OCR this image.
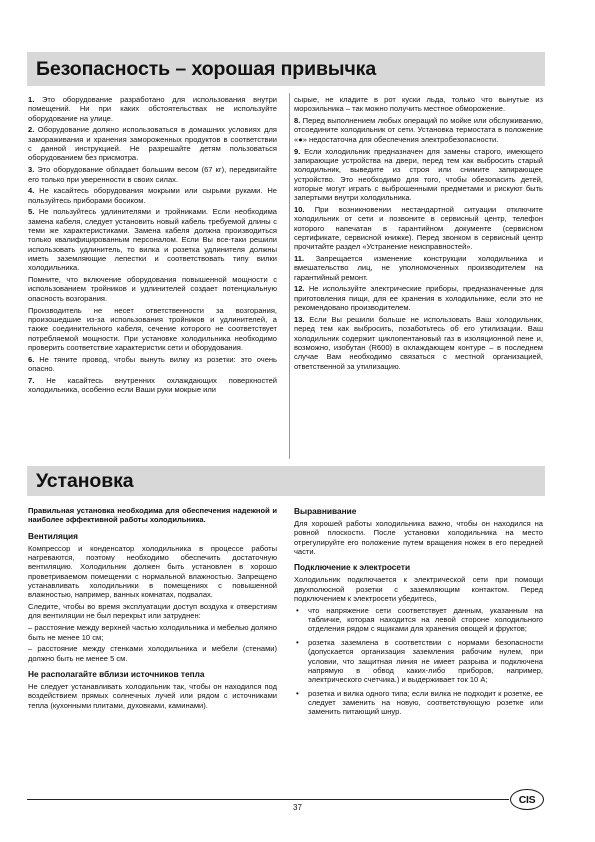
Безопасность – хорошая привычка

1. Это оборудование разработано для использования внутри помещений. Ни при каких обстоятельствах не используйте оборудование на улице.

2. Оборудование должно использоваться в домашних условиях для замораживания и хранения замороженных продуктов в соответствии с данной инструкцией. Не разрешайте детям пользоваться оборудованием без присмотра.

3. Это оборудование обладает большим весом (67 кг), передвигайте его только при уверенности в своих силах.

4. Не касайтесь оборудования мокрыми или сырыми руками. Не пользуйтесь приборами босиком.

5. Не пользуйтесь удлинителями и тройниками. Если необходима замена кабеля, следует установить новый кабель требуемой длины с теми же характеристиками. Замена кабеля должна производиться только квалифицированным персоналом. Если Вы все-таки решили использовать удлинитель, то вилка и розетка удлинителя должны иметь заземляющие лепестки и соответствовать типу вилки холодильника.

Помните, что включение оборудования повышенной мощности с использованием тройников и удлинителей создает потенциальную опасность возгорания.

Производитель не несет ответственности за возгорания, произошедшие из-за использования тройников и удлинителей, а также соединительного кабеля, сечение которого не соответствует потребляемой мощности. При установке холодильника необходимо проверить соответствие характеристик сети и оборудования.

6. Не тяните провод, чтобы вынуть вилку из розетки: это очень опасно.

7. Не касайтесь внутренних охлаждающих поверхностей холодильника, особенно если Ваши руки мокрые или

сырые, не кладите в рот куски льда, только что вынутые из морозильника – так можно получить местное обморожение.

8. Перед выполнением любых операций по мойке или обслуживанию, отсоедините холодильник от сети. Установка термостата в положение «●» недостаточна для обеспечения электробезопасности.

9. Если холодильник предназначен для замены старого, имеющего запирающие устройства на двери, перед тем как выбросить старый холодильник, выведите из строя или снимите запирающее устройство. Это необходимо для того, чтобы обезопасить детей, которые могут играть с выброшенными предметами и рискуют быть запертыми внутри холодильника.

10. При возникновении нестандартной ситуации отключите холодильник от сети и позвоните в сервисный центр, телефон которого напечатан в гарантийном документе (сервисном сертификате, сервисной книжке). Перед звонком в сервисный центр прочитайте раздел «Устранение неисправностей».

11. Запрещается изменение конструкции холодильника и вмешательство лиц, не уполномоченных производителем на гарантийный ремонт.

12. Не используйте электрические приборы, предназначенные для приготовления пищи, для ее хранения в холодильнике, если это не рекомендовано производителем.

13. Если Вы решили больше не использовать Ваш холодильник, перед тем как выбросить, позаботьтесь об его утилизации. Ваш холодильник содержит циклопентановый газ в изоляционной пене и, возможно, изобутан (R600) в охлаждающем контуре – в последнем случае Вам необходимо связаться с местной организацией, ответственной за утилизацию.

Установка

Правильная установка необходима для обеспечения надежной и наиболее эффективной работы холодильника.

Вентиляция

Компрессор и конденсатор холодильника в процессе работы нагреваются, поэтому необходимо обеспечить достаточную вентиляцию. Холодильник должен быть установлен в хорошо проветриваемом помещении с нормальной влажностью. Запрещено устанавливать холодильники в помещениях с повышенной влажностью, например, ванных комнатах, подвалах.

Следите, чтобы во время эксплуатации доступ воздуха к отверстиям для вентиляции не был перекрыт или затруднен:

– расстояние между верхней частью холодильника и мебелью должно быть не менее 10 см;

– расстояние между стенками холодильника и мебели (стенами) должно быть не менее 5 см.

Не располагайте вблизи источников тепла

Не следует устанавливать холодильник так, чтобы он находился под воздействием прямых солнечных лучей или рядом с источниками тепла (кухонными плитами, духовками, каминами).

Выравнивание

Для хорошей работы холодильника важно, чтобы он находился на ровной плоскости. После установки холодильника на место отрегулируйте его положение путем вращения ножек в его передней части.

Подключение к электросети

Холодильник подключается к электрической сети при помощи двухполюсной розетки с заземляющим контактом. Перед подключением к электросети убедитесь,

• что напряжение сети соответствует данным, указанным на табличке, которая находится на левой стороне холодильного отделения рядом с ящиками для хранения овощей и фруктов;
• розетка заземлена в соответствии с нормами безопасности (допускается организация заземления рабочим нулем, при условии, что защитная линия не имеет разрыва и подключена напрямую в обвод каких-либо приборов, например, электрического счетчика.) и выдерживает ток 10 А;
• розетка и вилка одного типа; если вилка не подходит к розетке, ее следует заменить на новую, соответствующую розетке или заменить питающий шнур.
37
CIS
